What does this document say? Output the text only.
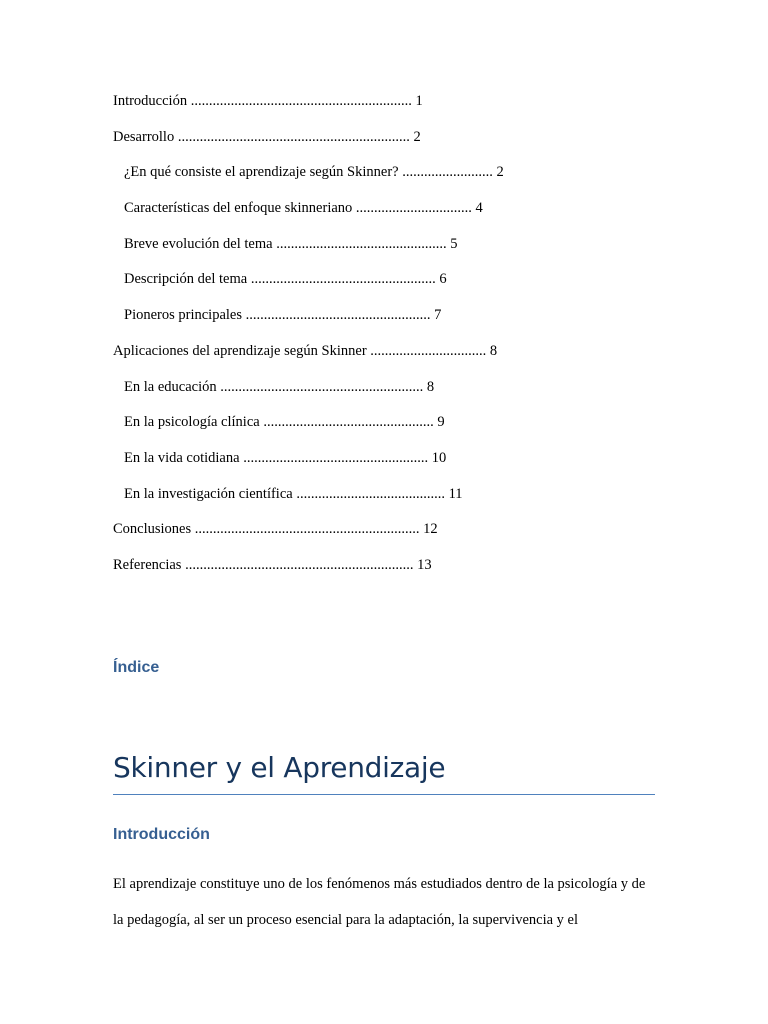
Introducción ............................................................. 1
Desarrollo ................................................................ 2
¿En qué consiste el aprendizaje según Skinner? ......................... 2
Características del enfoque skinneriano ................................ 4
Breve evolución del tema ............................................... 5
Descripción del tema ................................................... 6
Pioneros principales ................................................... 7
Aplicaciones del aprendizaje según Skinner ................................ 8
En la educación ........................................................ 8
En la psicología clínica ............................................... 9
En la vida cotidiana ................................................... 10
En la investigación científica ......................................... 11
Conclusiones .............................................................. 12
Referencias ............................................................... 13
Índice
Skinner y el Aprendizaje
Introducción

El aprendizaje constituye uno de los fenómenos más estudiados dentro de la psicología y de la pedagogía, al ser un proceso esencial para la adaptación, la supervivencia y el
